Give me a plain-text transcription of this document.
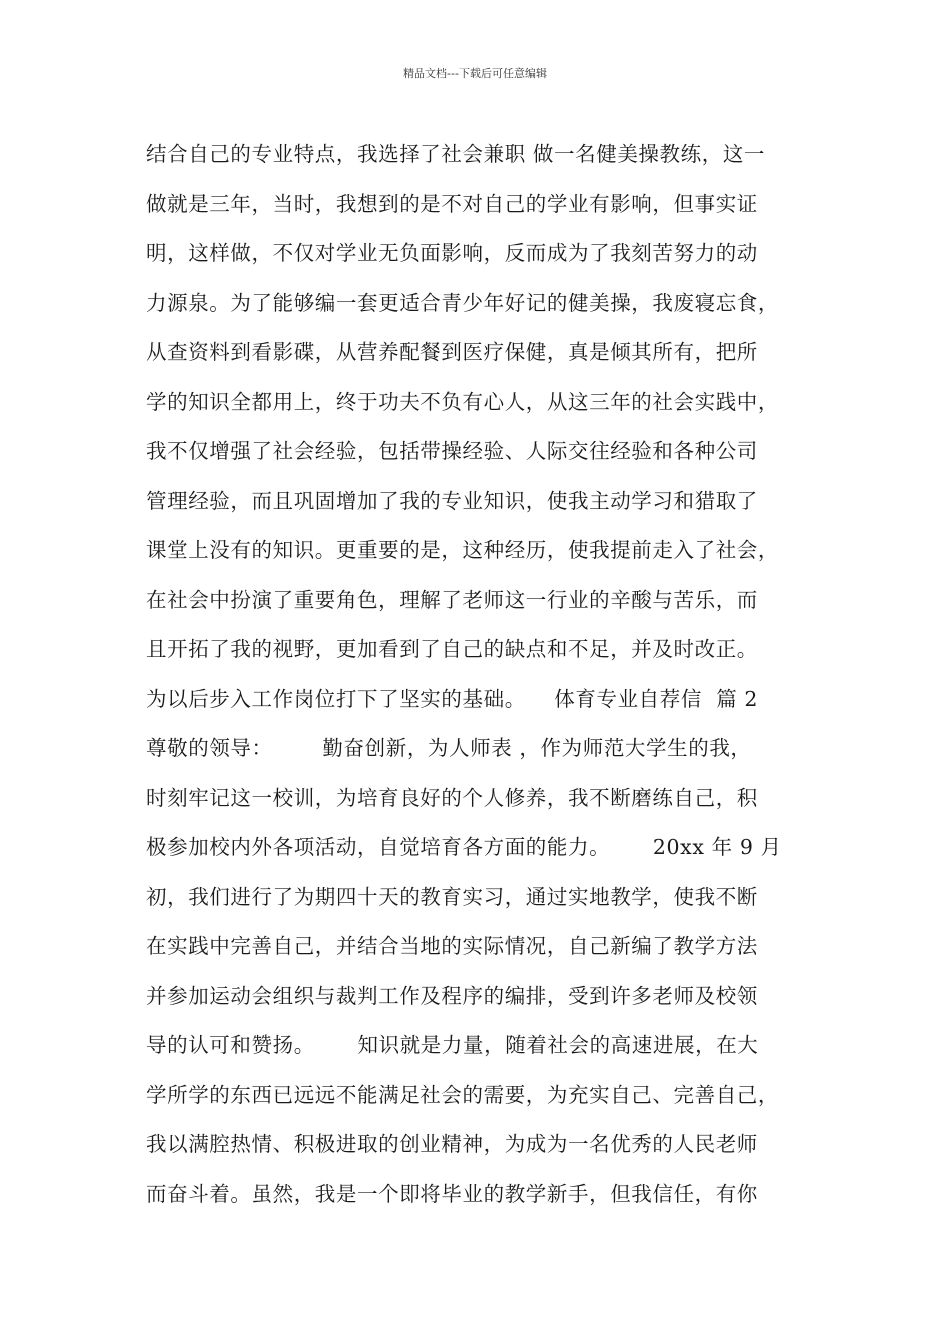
精品文档---下载后可任意编辑
结合自己的专业特点，我选择了社会兼职 做一名健美操教练，这一
做就是三年，当时，我想到的是不对自己的学业有影响，但事实证
明，这样做，不仅对学业无负面影响，反而成为了我刻苦努力的动
力源泉。为了能够编一套更适合青少年好记的健美操，我废寝忘食，
从查资料到看影碟，从营养配餐到医疗保健，真是倾其所有，把所
学的知识全都用上，终于功夫不负有心人，从这三年的社会实践中，
我不仅增强了社会经验，包括带操经验、人际交往经验和各种公司
管理经验，而且巩固增加了我的专业知识，使我主动学习和猎取了
课堂上没有的知识。更重要的是，这种经历，使我提前走入了社会，
在社会中扮演了重要角色，理解了老师这一行业的辛酸与苦乐，而
且开拓了我的视野，更加看到了自己的缺点和不足，并及时改正。
为以后步入工作岗位打下了坚实的基础。    体育专业自荐信  篇 2
尊敬的领导：       勤奋创新，为人师表 ，作为师范大学生的我，
时刻牢记这一校训，为培育良好的个人修养，我不断磨练自己，积
极参加校内外各项活动，自觉培育各方面的能力。      20xx 年 9 月
初，我们进行了为期四十天的教育实习，通过实地教学，使我不断
在实践中完善自己，并结合当地的实际情况，自己新编了教学方法
并参加运动会组织与裁判工作及程序的编排，受到许多老师及校领
导的认可和赞扬。      知识就是力量，随着社会的高速进展，在大
学所学的东西已远远不能满足社会的需要，为充实自己、完善自己，
我以满腔热情、积极进取的创业精神，为成为一名优秀的人民老师
而奋斗着。虽然，我是一个即将毕业的教学新手，但我信任，有你
